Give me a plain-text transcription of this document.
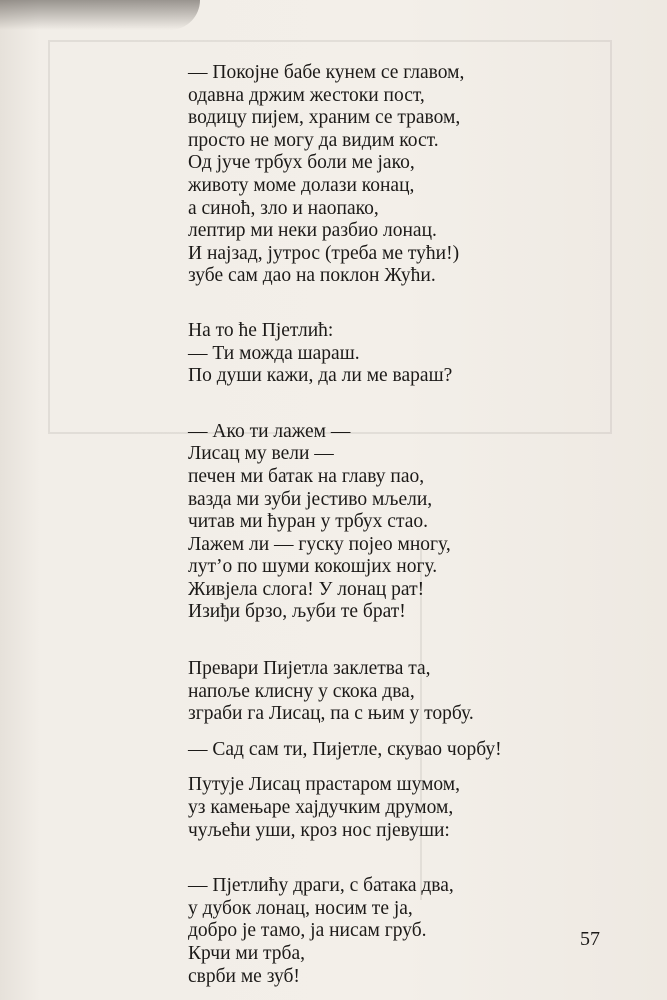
— Покојне бабе кунем се главом,
одавна држим жестоки пост,
водицу пијем, храним се травом,
просто не могу да видим кост.
Од јуче трбух боли ме јако,
животу моме долази конац,
а синоћ, зло и наопако,
лептир ми неки разбио лонац.
И најзад, јутрос (треба ме тући!)
зубе сам дао на поклон Жући.

На то ће Пјетлић:
— Ти можда шараш.
По души кажи, да ли ме вараш?

— Ако ти лажем —
Лисац му вели —
печен ми батак на главу пао,
вазда ми зуби јестиво мљели,
читав ми ћуран у трбух стао.
Лажем ли — гуску појео многу,
лут’о по шуми кокошјих ногу.
Живјела слога! У лонац рат!
Изиђи брзо, љуби те брат!

Превари Пијетла заклетва та,
напоље клисну у скока два,
зграби га Лисац, па с њим у торбу.

— Сад сам ти, Пијетле, скувао чорбу!

Путује Лисац прастаром шумом,
уз камењаре хајдучким друмом,
чуљећи уши, кроз нос пјевуши:

— Пјетлићу драги, с батака два,
у дубок лонац, носим те ја,
добро је тамо, ја нисам груб.
Крчи ми трба,
сврби ме зуб!

57
